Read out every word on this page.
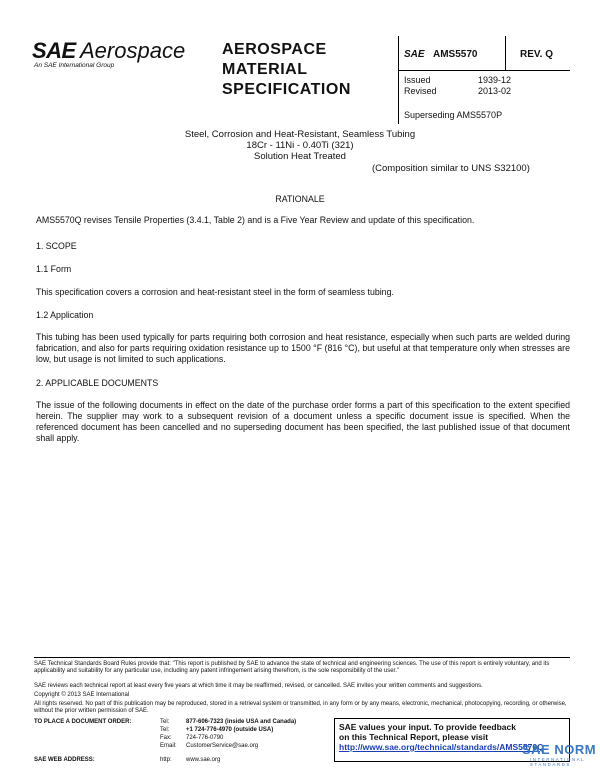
SAE Aerospace
An SAE International Group
AEROSPACE
MATERIAL
SPECIFICATION
SAE AMS5570	REV. Q
Issued	1939-12
Revised	2013-02
Superseding AMS5570P
Steel, Corrosion and Heat-Resistant, Seamless Tubing
18Cr - 11Ni - 0.40Ti (321)
Solution Heat Treated
(Composition similar to UNS S32100)
RATIONALE
AMS5570Q revises Tensile Properties (3.4.1, Table 2) and is a Five Year Review and update of this specification.
1. SCOPE
1.1 Form
This specification covers a corrosion and heat-resistant steel in the form of seamless tubing.
1.2 Application
This tubing has been used typically for parts requiring both corrosion and heat resistance, especially when such parts are welded during fabrication, and also for parts requiring oxidation resistance up to 1500 °F (816 °C), but useful at that temperature only when stresses are low, but usage is not limited to such applications.
2. APPLICABLE DOCUMENTS
The issue of the following documents in effect on the date of the purchase order forms a part of this specification to the extent specified herein. The supplier may work to a subsequent revision of a document unless a specific document issue is specified. When the referenced document has been cancelled and no superseding document has been specified, the last published issue of that document shall apply.
SAE Technical Standards Board Rules provide that: "This report is published by SAE to advance the state of technical and engineering sciences. The use of this report is entirely voluntary, and its applicability and suitability for any particular use, including any patent infringement arising therefrom, is the sole responsibility of the user."
SAE reviews each technical report at least every five years at which time it may be reaffirmed, revised, or cancelled. SAE invites your written comments and suggestions.
Copyright © 2013 SAE International
All rights reserved. No part of this publication may be reproduced, stored in a retrieval system or transmitted, in any form or by any means, electronic, mechanical, photocopying, recording, or otherwise, without the prior written permission of SAE.
TO PLACE A DOCUMENT ORDER:	Tel:	877-606-7323 (inside USA and Canada)
Tel:	+1 724-776-4970 (outside USA)
Fax: 724-776-0790
Email: CustomerService@sae.org
SAE WEB ADDRESS:	http: www.sae.org
SAE values your input. To provide feedback
on this Technical Report, please visit
http://www.sae.org/technical/standards/AMS5570Q
SAE NORM
INTERNATIONAL STANDARDS
